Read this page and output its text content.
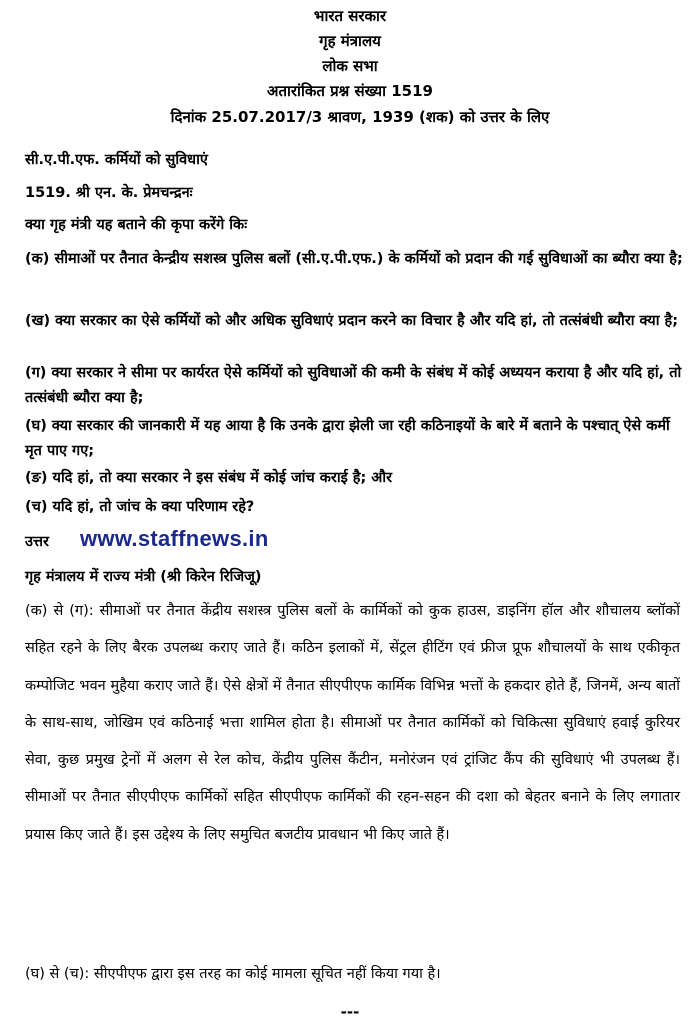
भारत सरकार
गृह मंत्रालय
लोक सभा
अतारांकित प्रश्न संख्या 1519
दिनांक 25.07.2017/3 श्रावण, 1939 (शक) को उत्तर के लिए
सी.ए.पी.एफ. कर्मियों को सुविधाएं
1519. श्री एन. के. प्रेमचन्द्रनः
क्या गृह मंत्री यह बताने की कृपा करेंगे किः
(क) सीमाओं पर तैनात केन्द्रीय सशस्त्र पुलिस बलों (सी.ए.पी.एफ.) के कर्मियों को प्रदान की गई सुविधाओं का ब्यौरा क्या है;
(ख) क्या सरकार का ऐसे कर्मियों को और अधिक सुविधाएं प्रदान करने का विचार है और यदि हां, तो तत्संबंधी ब्यौरा क्या है;
(ग) क्या सरकार ने सीमा पर कार्यरत ऐसे कर्मियों को सुविधाओं की कमी के संबंध में कोई अध्ययन कराया है और यदि हां, तो तत्संबंधी ब्यौरा क्या है;
(घ) क्या सरकार की जानकारी में यह आया है कि उनके द्वारा झेली जा रही कठिनाइयों के बारे में बताने के पश्चात् ऐसे कर्मी मृत पाए गए;
(ङ) यदि हां, तो क्या सरकार ने इस संबंध में कोई जांच कराई है; और
(च) यदि हां, तो जांच के क्या परिणाम रहे?
उत्तर	www.staffnews.in
गृह मंत्रालय में राज्य मंत्री (श्री किरेन रिजिजू)
(क) से (ग): सीमाओं पर तैनात केंद्रीय सशस्त्र पुलिस बलों के कार्मिकों को कुक हाउस, डाइनिंग हॉल और शौचालय ब्लॉकों सहित रहने के लिए बैरक उपलब्ध कराए जाते हैं। कठिन इलाकों में, सेंट्रल हीटिंग एवं फ्रीज प्रूफ शौचालयों के साथ एकीकृत कम्पोजिट भवन मुहैया कराए जाते हैं। ऐसे क्षेत्रों में तैनात सीएपीएफ कार्मिक विभिन्न भत्तों के हकदार होते हैं, जिनमें, अन्य बातों के साथ-साथ, जोखिम एवं कठिनाई भत्ता शामिल होता है। सीमाओं पर तैनात कार्मिकों को चिकित्सा सुविधाएं हवाई कुरियर सेवा, कुछ प्रमुख ट्रेनों में अलग से रेल कोच, केंद्रीय पुलिस कैंटीन, मनोरंजन एवं ट्रांजिट कैंप की सुविधाएं भी उपलब्ध हैं। सीमाओं पर तैनात सीएपीएफ कार्मिकों सहित सीएपीएफ कार्मिकों की रहन-सहन की दशा को बेहतर बनाने के लिए लगातार प्रयास किए जाते हैं। इस उद्देश्य के लिए समुचित बजटीय प्रावधान भी किए जाते हैं।
(घ) से (च): सीएपीएफ द्वारा इस तरह का कोई मामला सूचित नहीं किया गया है।
---
